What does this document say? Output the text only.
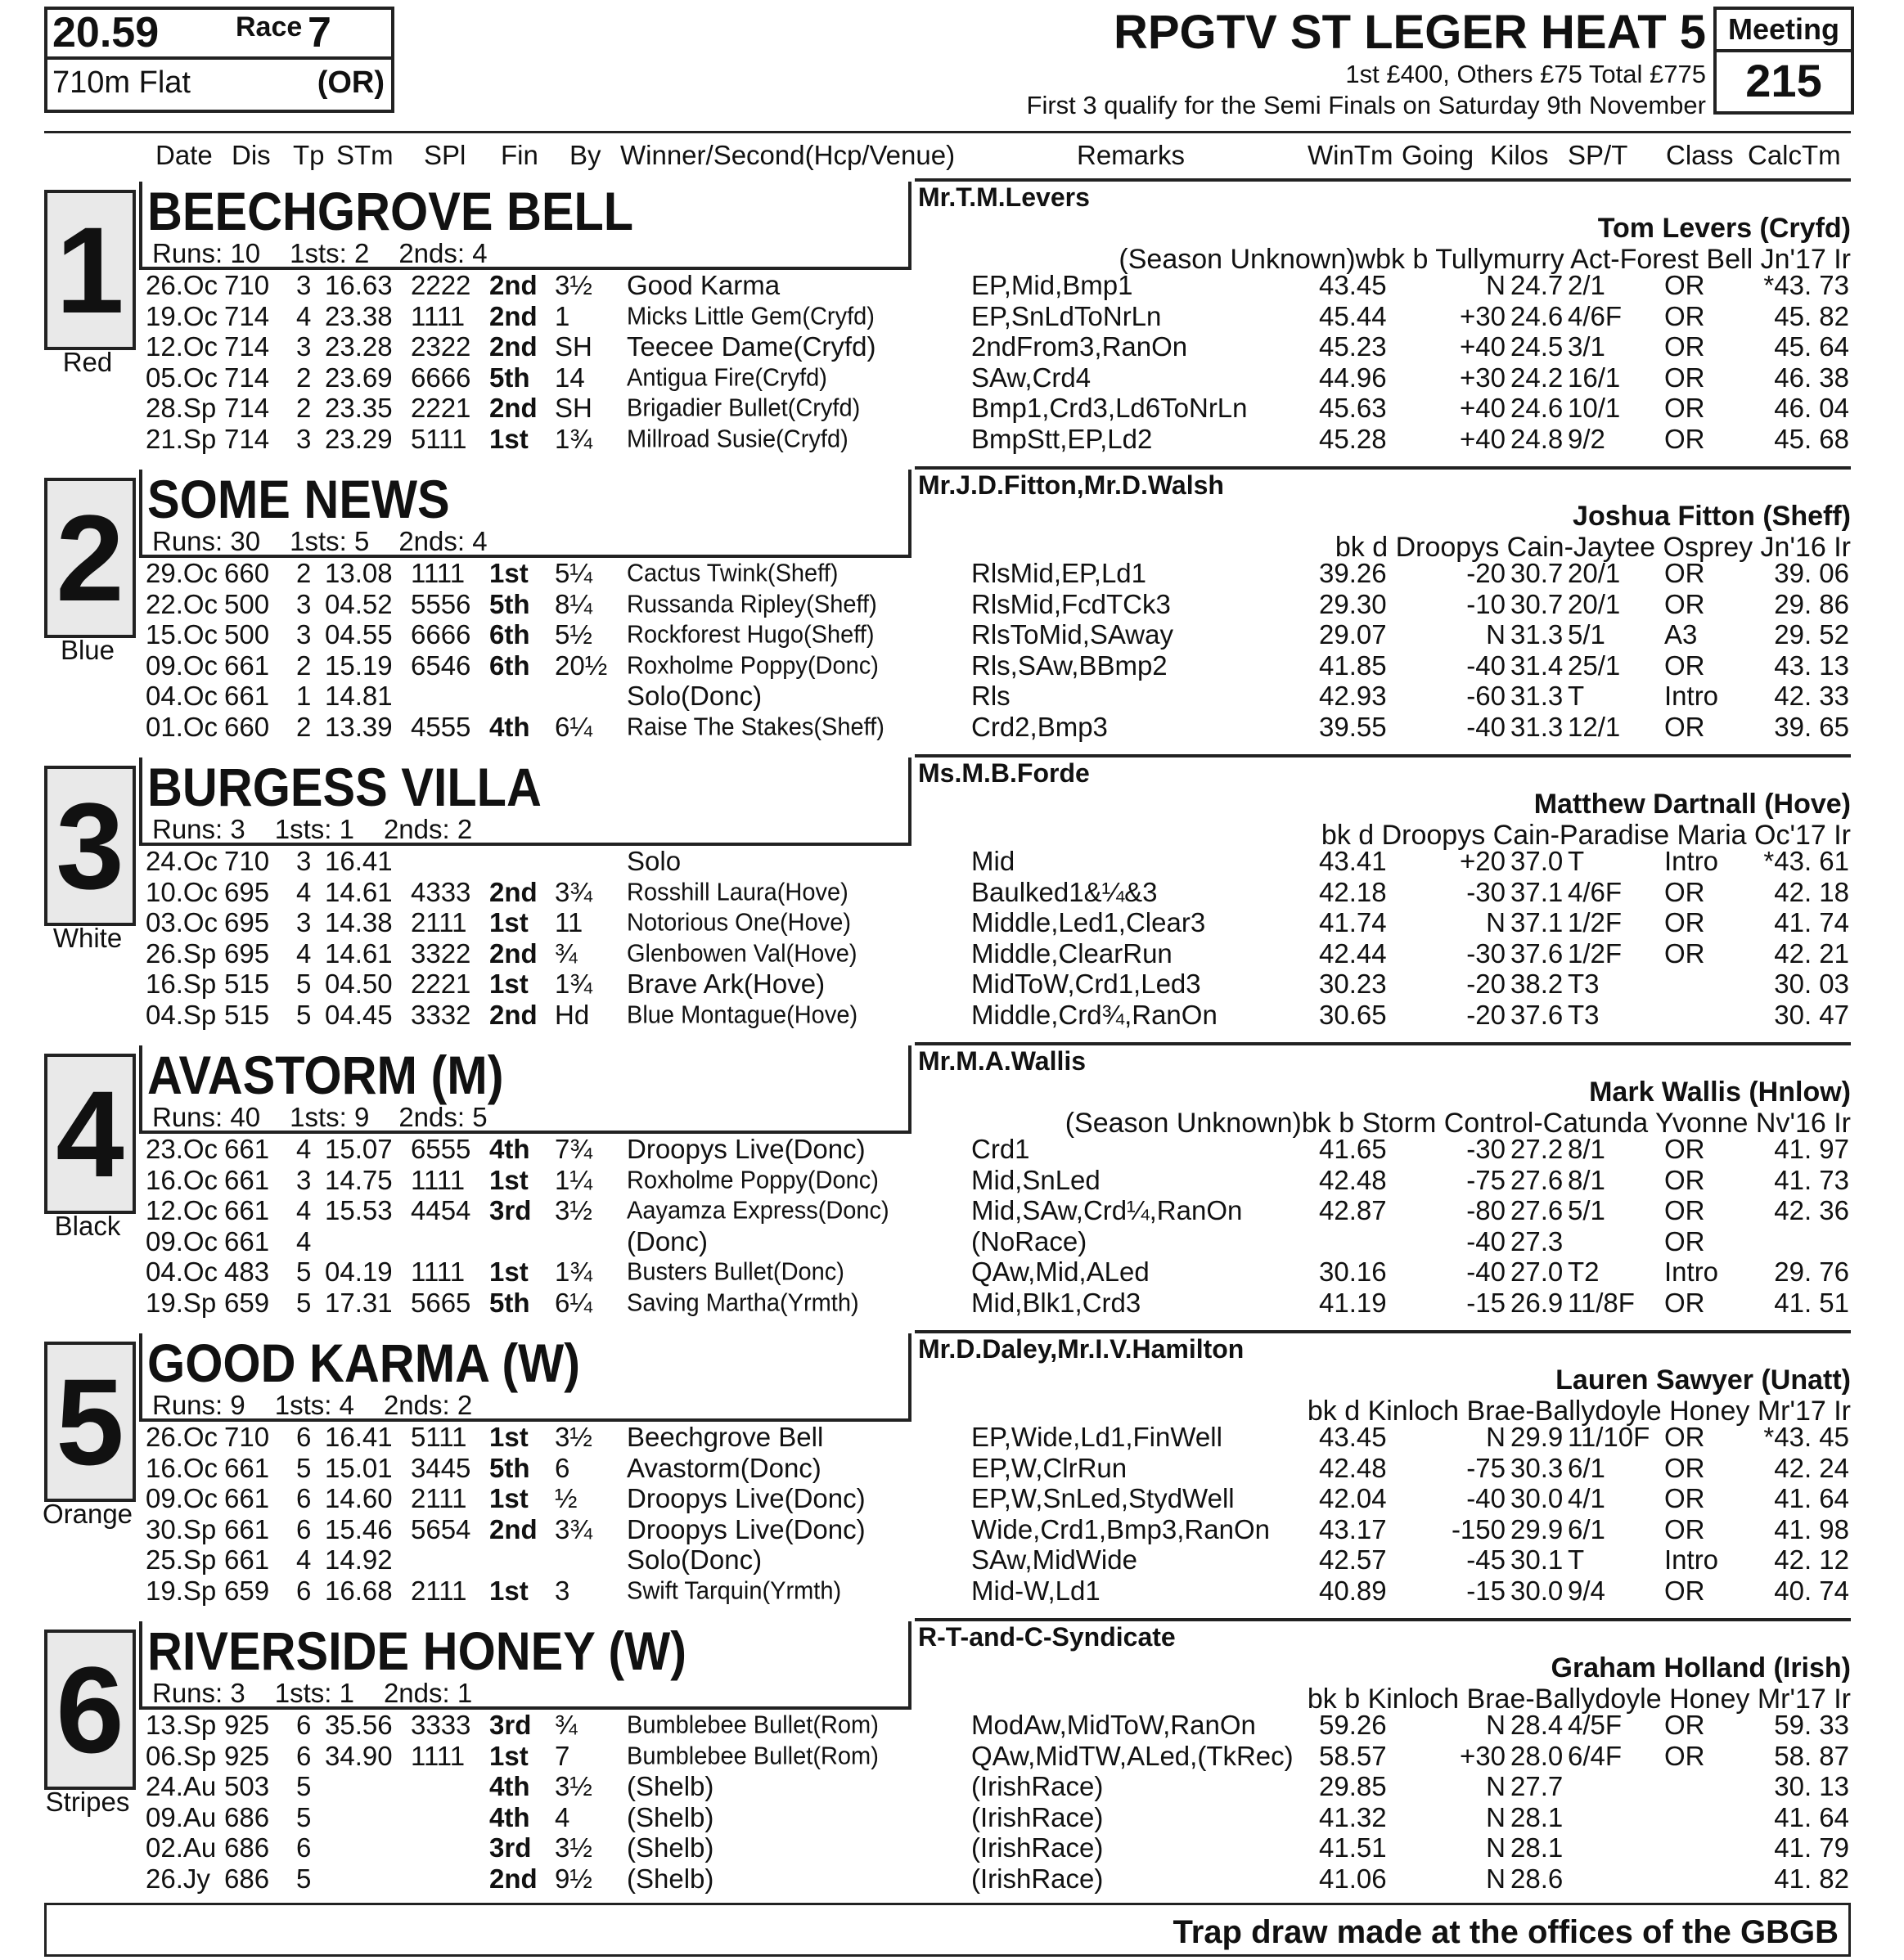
20.59	Race 7
710m Flat	(OR)
RPGTV ST LEGER HEAT 5
1st £400, Others £75 Total £775
First 3 qualify for the Semi Finals on Saturday 9th November
Meeting
215
Date Dis Tp STm SPl Fin By Winner/Second(Hcp/Venue)	Remarks	WinTm Going Kilos SP/T Class CalcTm
1
Red
BEECHGROVE BELL
Runs: 10 1sts: 2 2nds: 4
Mr.T.M.Levers
Tom Levers (Cryfd)
(Season Unknown)wbk b Tullymurry Act-Forest Bell Jn'17 Ir
26.Oc 710 3 16.63 2222 2nd 3½ Good Karma	EP,Mid,Bmp1	43.45	N 24.7 2/1 OR	*43. 73
19.Oc 714 4 23.38 1111 2nd 1 Micks Little Gem(Cryfd)	EP,SnLdToNrLn	45.44	+30 24.6 4/6F OR	45. 82
12.Oc 714 3 23.28 2322 2nd SH Teecee Dame(Cryfd)	2ndFrom3,RanOn	45.23	+40 24.5 3/1 OR	45. 64
05.Oc 714 2 23.69 6666 5th 14 Antigua Fire(Cryfd)	SAw,Crd4	44.96	+30 24.2 16/1 OR	46. 38
28.Sp 714 2 23.35 2221 2nd SH Brigadier Bullet(Cryfd)	Bmp1,Crd3,Ld6ToNrLn	45.63	+40 24.6 10/1 OR	46. 04
21.Sp 714 3 23.29 5111 1st 1¾ Millroad Susie(Cryfd)	BmpStt,EP,Ld2	45.28	+40 24.8 9/2 OR	45. 68
2
Blue
SOME NEWS
Runs: 30 1sts: 5 2nds: 4
Mr.J.D.Fitton,Mr.D.Walsh
Joshua Fitton (Sheff)
bk d Droopys Cain-Jaytee Osprey Jn'16 Ir
29.Oc 660 2 13.08 1111 1st 5¼ Cactus Twink(Sheff)	RlsMid,EP,Ld1	39.26	-20 30.7 20/1 OR	39. 06
22.Oc 500 3 04.52 5556 5th 8¼ Russanda Ripley(Sheff)	RlsMid,FcdTCk3	29.30	-10 30.7 20/1 OR	29. 86
15.Oc 500 3 04.55 6666 6th 5½ Rockforest Hugo(Sheff)	RlsToMid,SAway	29.07	N 31.3 5/1 A3	29. 52
09.Oc 661 2 15.19 6546 6th 20½ Roxholme Poppy(Donc)	Rls,SAw,BBmp2	41.85	-40 31.4 25/1 OR	43. 13
04.Oc 661 1 14.81	Solo(Donc)	Rls	42.93	-60 31.3 T	Intro	42. 33
01.Oc 660 2 13.39 4555 4th 6¼ Raise The Stakes(Sheff)	Crd2,Bmp3	39.55	-40 31.3 12/1 OR	39. 65
3
White
BURGESS VILLA
Runs: 3 1sts: 1 2nds: 2
Ms.M.B.Forde
Matthew Dartnall (Hove)
bk d Droopys Cain-Paradise Maria Oc'17 Ir
24.Oc 710 3 16.41	Solo	Mid	43.41	+20 37.0 T	Intro	*43. 61
10.Oc 695 4 14.61 4333 2nd 3¾ Rosshill Laura(Hove)	Baulked1&¼&3	42.18	-30 37.1 4/6F OR	42. 18
03.Oc 695 3 14.38 2111 1st 11 Notorious One(Hove)	Middle,Led1,Clear3	41.74	N 37.1 1/2F OR	41. 74
26.Sp 695 4 14.61 3322 2nd ¾ Glenbowen Val(Hove)	Middle,ClearRun	42.44	-30 37.6 1/2F OR	42. 21
16.Sp 515 5 04.50 2221 1st 1¾ Brave Ark(Hove)	MidToW,Crd1,Led3	30.23	-20 38.2 T3	30. 03
04.Sp 515 5 04.45 3332 2nd Hd Blue Montague(Hove)	Middle,Crd¾,RanOn	30.65	-20 37.6 T3	30. 47
4
Black
AVASTORM (M)
Runs: 40 1sts: 9 2nds: 5
Mr.M.A.Wallis
Mark Wallis (Hnlow)
(Season Unknown)bk b Storm Control-Catunda Yvonne Nv'16 Ir
23.Oc 661 4 15.07 6555 4th 7¾ Droopys Live(Donc)	Crd1	41.65	-30 27.2 8/1 OR	41. 97
16.Oc 661 3 14.75 1111 1st 1¼ Roxholme Poppy(Donc)	Mid,SnLed	42.48	-75 27.6 8/1 OR	41. 73
12.Oc 661 4 15.53 4454 3rd 3½ Aayamza Express(Donc)	Mid,SAw,Crd¼,RanOn	42.87	-80 27.6 5/1 OR	42. 36
09.Oc 661 4	(Donc)	(NoRace)	-40 27.3	OR
04.Oc 483 5 04.19 1111 1st 1¾ Busters Bullet(Donc)	QAw,Mid,ALed	30.16	-40 27.0 T2 Intro	29. 76
19.Sp 659 5 17.31 5665 5th 6¼ Saving Martha(Yrmth)	Mid,Blk1,Crd3	41.19	-15 26.9 11/8F OR	41. 51
5
Orange
GOOD KARMA (W)
Runs: 9 1sts: 4 2nds: 2
Mr.D.Daley,Mr.I.V.Hamilton
Lauren Sawyer (Unatt)
bk d Kinloch Brae-Ballydoyle Honey Mr'17 Ir
26.Oc 710 6 16.41 5111 1st 3½ Beechgrove Bell	EP,Wide,Ld1,FinWell	43.45	N 29.9 11/10F OR	*43. 45
16.Oc 661 5 15.01 3445 5th 6 Avastorm(Donc)	EP,W,ClrRun	42.48	-75 30.3 6/1 OR	42. 24
09.Oc 661 6 14.60 2111 1st ½ Droopys Live(Donc)	EP,W,SnLed,StydWell	42.04	-40 30.0 4/1 OR	41. 64
30.Sp 661 6 15.46 5654 2nd 3¾ Droopys Live(Donc)	Wide,Crd1,Bmp3,RanOn 43.17	-150 29.9 6/1 OR	41. 98
25.Sp 661 4 14.92	Solo(Donc)	SAw,MidWide	42.57	-45 30.1 T	Intro	42. 12
19.Sp 659 6 16.68 2111 1st 3 Swift Tarquin(Yrmth)	Mid-W,Ld1	40.89	-15 30.0 9/4 OR	40. 74
6
Stripes
RIVERSIDE HONEY (W)
Runs: 3 1sts: 1 2nds: 1
R-T-and-C-Syndicate
Graham Holland (Irish)
bk b Kinloch Brae-Ballydoyle Honey Mr'17 Ir
13.Sp 925 6 35.56 3333 3rd ¾ Bumblebee Bullet(Rom)	ModAw,MidToW,RanOn 59.26	N 28.4 4/5F OR	59. 33
06.Sp 925 6 34.90 1111 1st 7 Bumblebee Bullet(Rom)	QAw,MidTW,ALed,(TkRec) 58.57	+30 28.0 6/4F OR	58. 87
24.Au 503 5	4th 3½ (Shelb)	(IrishRace)	29.85	N 27.7	30. 13
09.Au 686 5	4th 4 (Shelb)	(IrishRace)	41.32	N 28.1	41. 64
02.Au 686 6	3rd 3½ (Shelb)	(IrishRace)	41.51	N 28.1	41. 79
26.Jy 686 5	2nd 9½ (Shelb)	(IrishRace)	41.06	N 28.6	41. 82
Trap draw made at the offices of the GBGB
